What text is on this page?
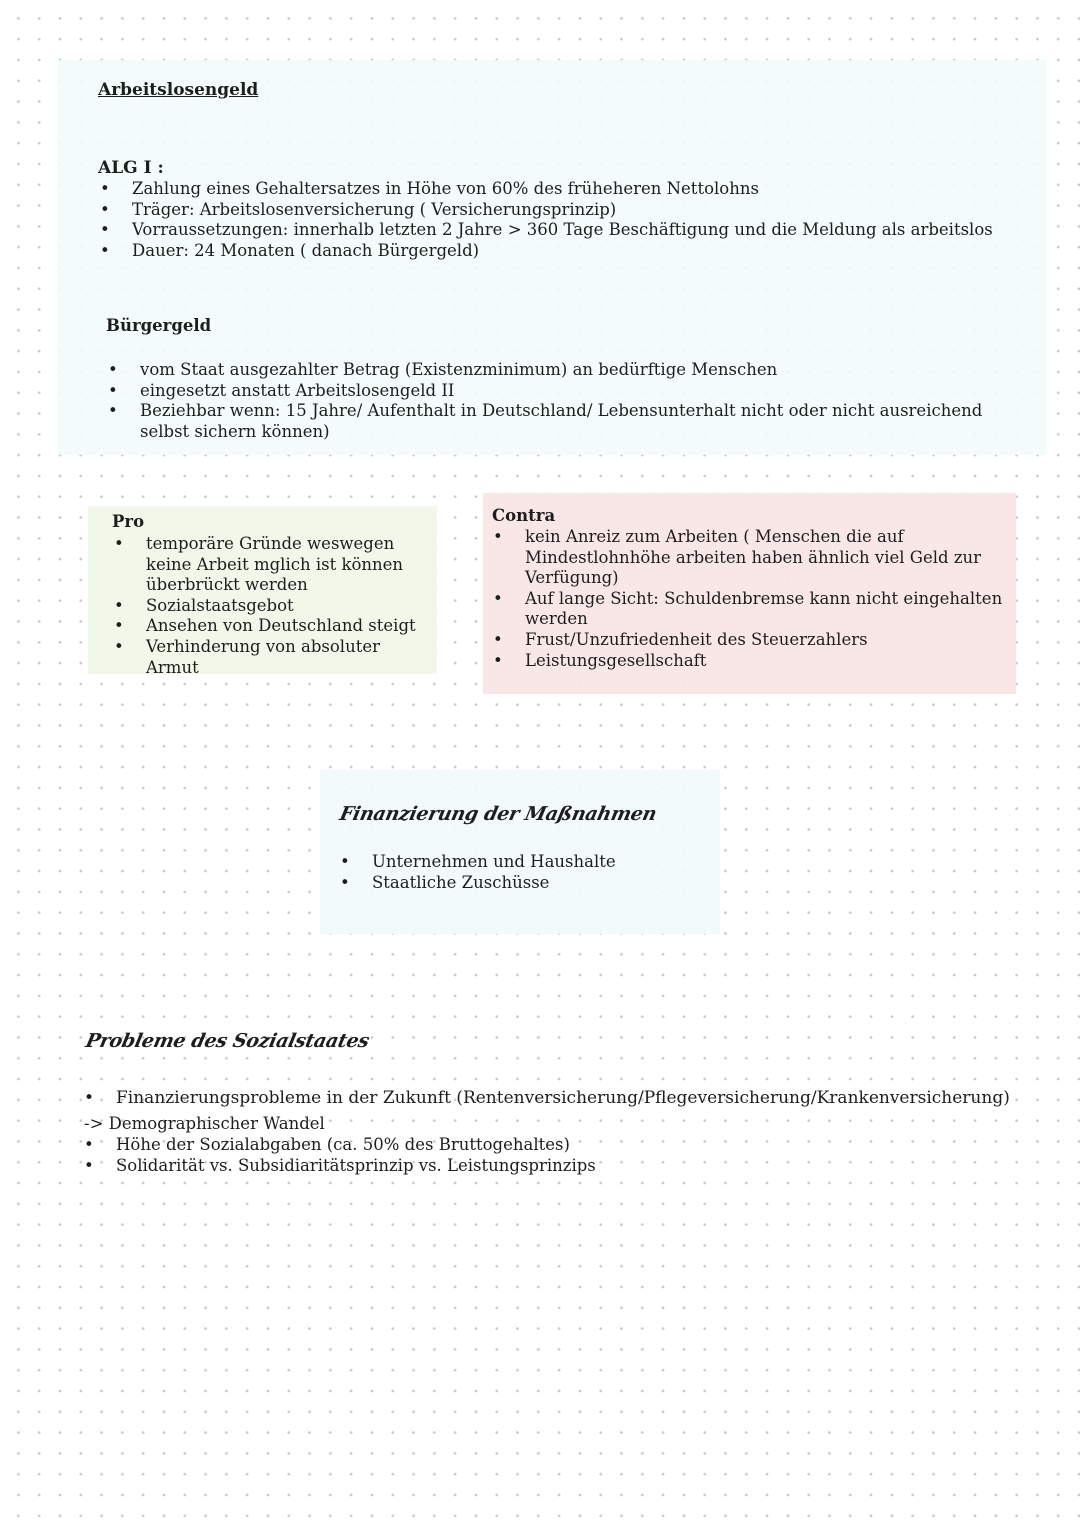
Arbeitslosengeld
ALG I :
• Zahlung eines Gehaltersatzes in Höhe von 60% des früheheren Nettolohns
• Träger: Arbeitslosenversicherung ( Versicherungsprinzip)
• Vorraussetzungen: innerhalb letzten 2 Jahre > 360 Tage Beschäftigung und die Meldung als arbeitslos
• Dauer: 24 Monaten ( danach Bürgergeld)
Bürgergeld
• vom Staat ausgezahlter Betrag (Existenzminimum) an bedürftige Menschen
• eingesetzt anstatt Arbeitslosengeld II
• Beziehbar wenn: 15 Jahre/ Aufenthalt in Deutschland/ Lebensunterhalt nicht oder nicht ausreichend selbst sichern können)
Pro
• temporäre Gründe weswegen keine Arbeit mglich ist können überbrückt werden
• Sozialstaatsgebot
• Ansehen von Deutschland steigt
• Verhinderung von absoluter Armut
Contra
• kein Anreiz zum Arbeiten ( Menschen die auf Mindestlohnhöhe arbeiten haben ähnlich viel Geld zur Verfügung)
• Auf lange Sicht: Schuldenbremse kann nicht eingehalten werden
• Frust/Unzufriedenheit des Steuerzahlers
• Leistungsgesellschaft
Finanzierung der Maßnahmen
• Unternehmen und Haushalte
• Staatliche Zuschüsse
Probleme des Sozialstaates
• Finanzierungsprobleme in der Zukunft (Rentenversicherung/Pflegeversicherung/Krankenversicherung)
-> Demographischer Wandel
• Höhe der Sozialabgaben (ca. 50% des Bruttogehaltes)
• Solidarität vs. Subsidiaritätsprinzip vs. Leistungsprinzips
